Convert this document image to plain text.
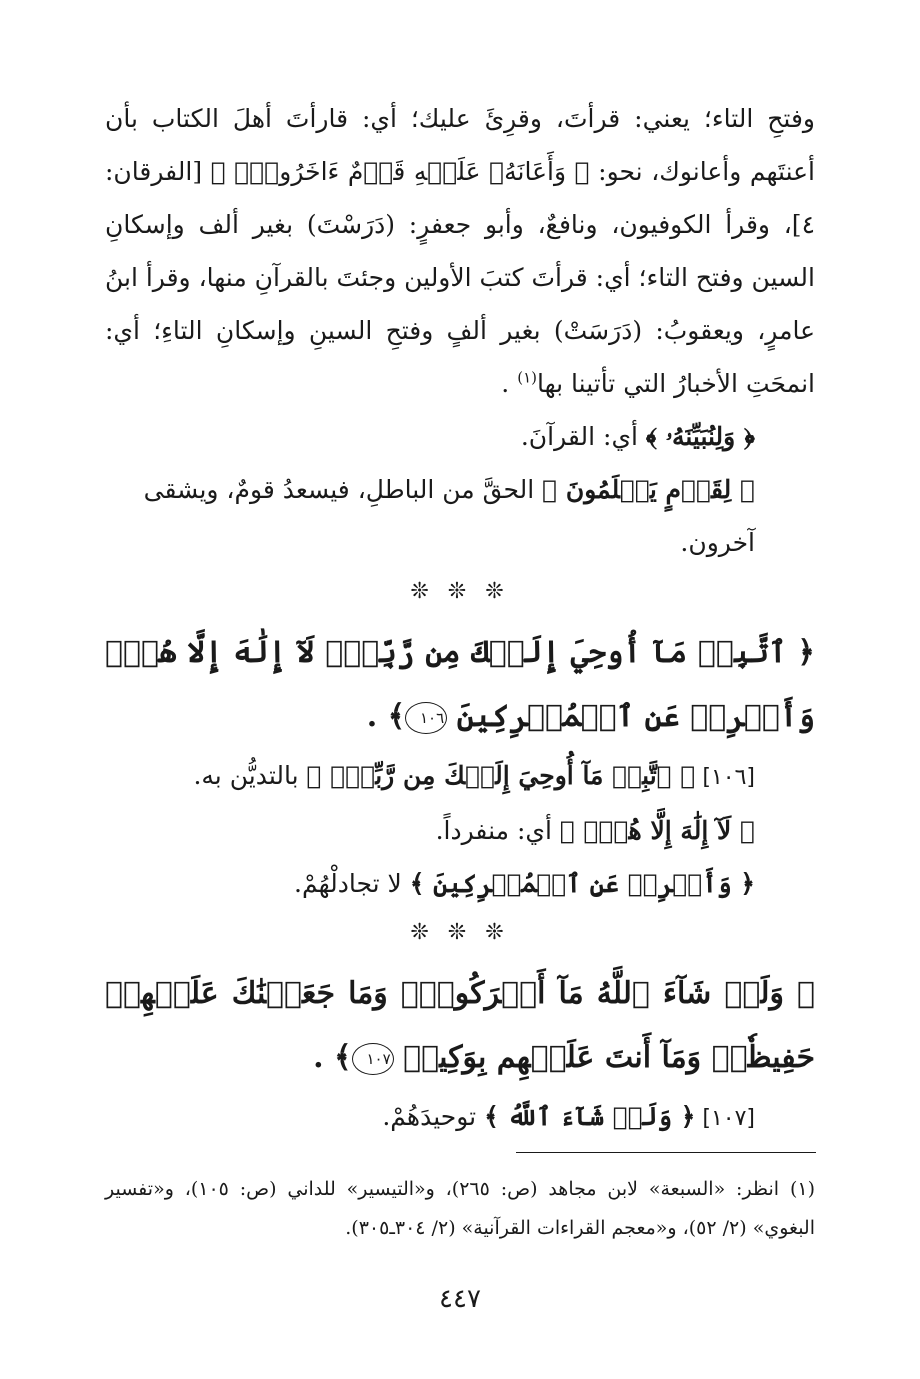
وفتحِ التاء؛ يعني: قرأتَ، وقرِئَ عليك؛ أي: قارأتَ أهلَ الكتاب بأن أعنتَهم وأعانوك، نحو: ﴿ وَأَعَانَهُۥ عَلَيۡهِ قَوۡمٌ ءَاخَرُونَۖ ﴾ [الفرقان: ٤]، وقرأ الكوفيون، ونافعٌ، وأبو جعفرٍ: (دَرَسْتَ) بغير ألف وإسكانِ السين وفتح التاء؛ أي: قرأتَ كتبَ الأولين وجئتَ بالقرآنِ منها، وقرأ ابنُ عامرٍ، ويعقوبُ: (دَرَسَتْ) بغير ألفٍ وفتحِ السينِ وإسكانِ التاءِ؛ أي: انمحَتِ الأخبارُ التي تأتينا بها$^{(١)}$ .

﴿ وَلِنُبَيِّنَهُۥ ﴾ أي: القرآنَ.

﴿ لِقَوۡمٍ يَعۡلَمُونَ ﴾ الحقَّ من الباطلِ، فيسعدُ قومٌ، ويشقى آخرون.

❊ ❊ ❊

﴿ ٱتَّبِعۡ مَآ أُوحِيَ إِلَيۡكَ مِن رَّبِّكَۖ لَآ إِلَٰهَ إِلَّا هُوَۖ وَأَعۡرِضۡ عَنِ ٱلۡمُشۡرِكِينَ ١٠٦﴾ .

[١٠٦] ﴿ ٱتَّبِعۡ مَآ أُوحِيَ إِلَيۡكَ مِن رَّبِّكَۖ ﴾ بالتديُّن به.

﴿ لَآ إِلَٰهَ إِلَّا هُوَۖ ﴾ أي: منفرداً.

﴿ وَأَعۡرِضۡ عَنِ ٱلۡمُشۡرِكِينَ ﴾ لا تجادلْهُمْ.

❊ ❊ ❊

﴿ وَلَوۡ شَآءَ ٱللَّهُ مَآ أَشۡرَكُواْۗ وَمَا جَعَلۡنَٰكَ عَلَيۡهِمۡ حَفِيظٗاۖ وَمَآ أَنتَ عَلَيۡهِم بِوَكِيلٖ ١٠٧﴾ .

[١٠٧] ﴿ وَلَوۡ شَآءَ ٱللَّهُ ﴾ توحيدَهُمْ.

(١) انظر: «السبعة» لابن مجاهد (ص: ٢٦٥)، و«التيسير» للداني (ص: ١٠٥)، و«تفسير البغوي» (٢/ ٥٢)، و«معجم القراءات القرآنية» (٢/ ٣٠٤ـ٣٠٥).

٤٤٧
